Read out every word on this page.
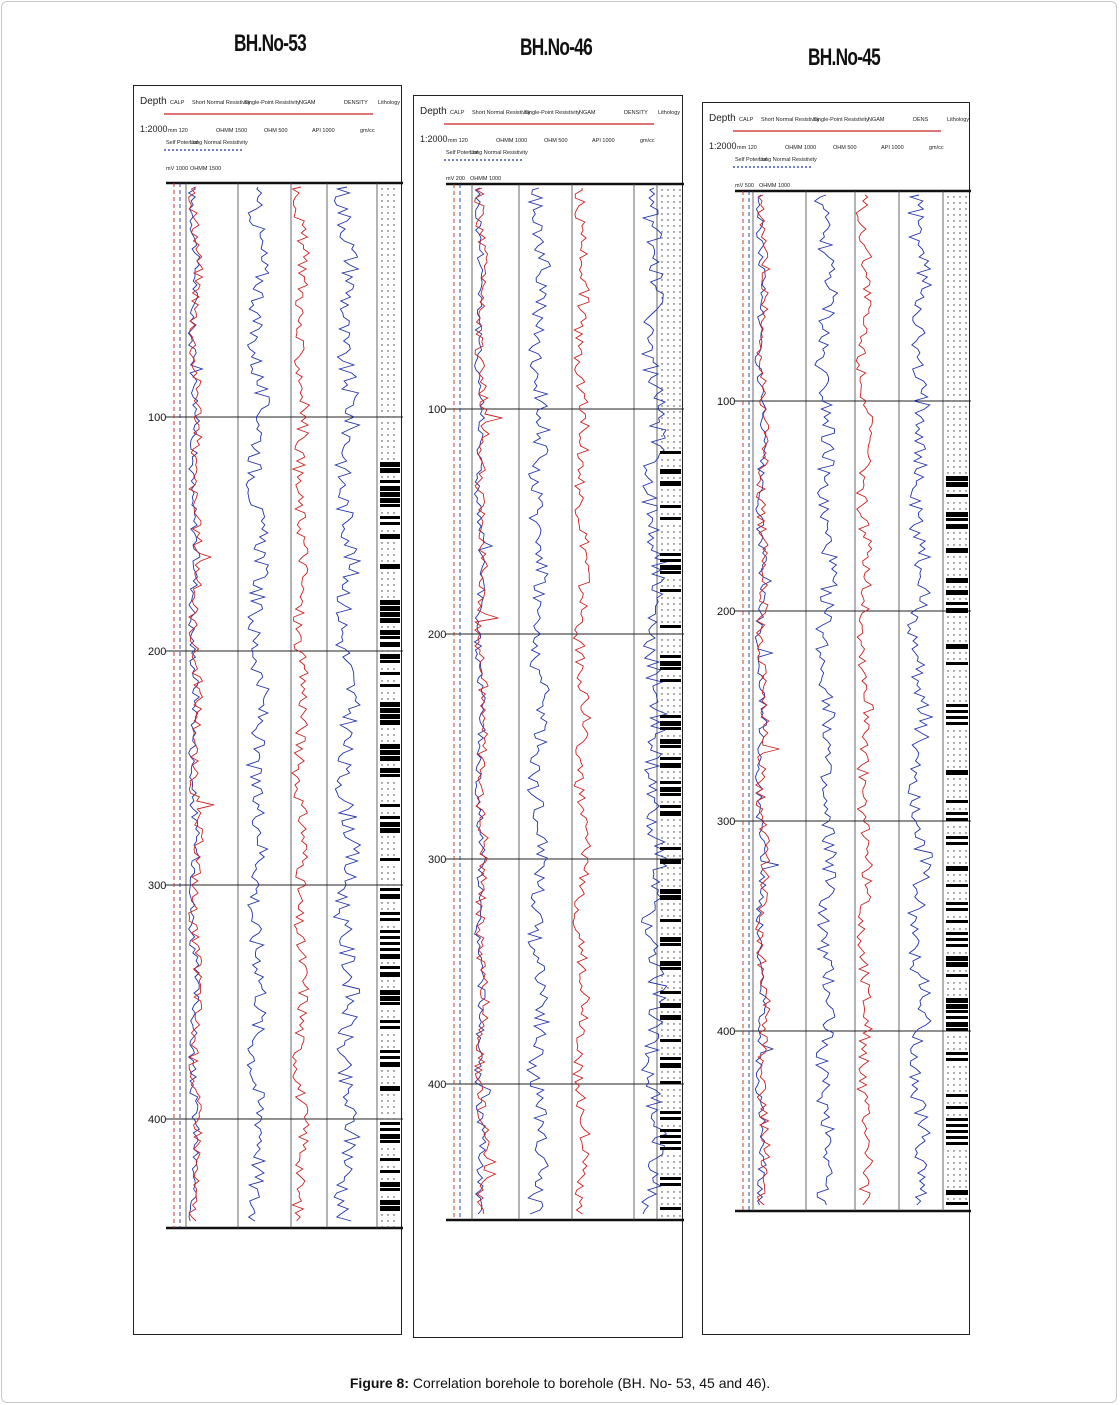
BH.No-53	BH.No-46	BH.No-45
Depth CALP Short Normal Resistivity
Single-Point Resistivity NGAM	DENSITY Lithology
1:2000 mm 120	OHMM 1500	OHM 500	API 1000	gm/cc
Self Potential
Long Normal Resistivity
mV 1000 OHMM 1500
100
200
300
400
Depth CALP Short Normal Resistivity
Single-Point Resistivity NGAM	DENSITY Lithology
1:2000 mm 120	OHMM 1000	OHM 500	API 1000	gm/cc
Self Potential
Long Normal Resistivity
mV 200 OHMM 1000
100
200
300
400
Depth CALP Short Normal Resistivity
Single-Point Resistivity NGAM	DENS	Lithology
1:2000 mm 120	OHMM 1000	OHM 500	API 1000	gm/cc
Self Potential
Long Normal Resistivity
mV 500 OHMM 1000
100
200
300
400
Figure 8: Correlation borehole to borehole (BH. No- 53, 45 and 46).
